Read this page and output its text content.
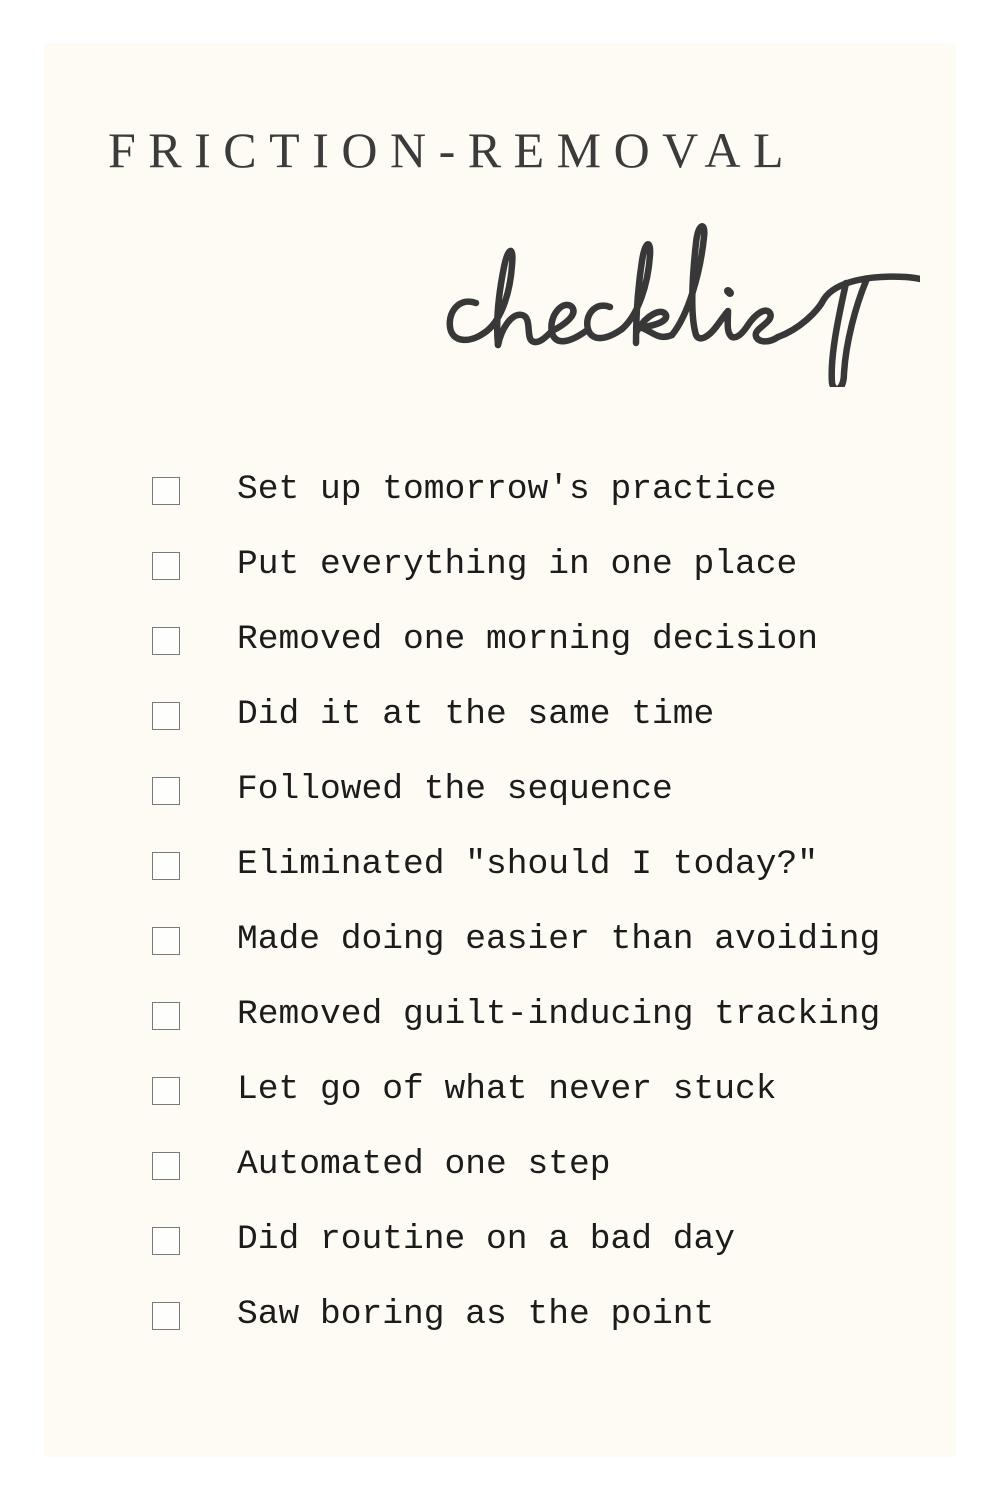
FRICTION-REMOVAL
Set up tomorrow's practice
Put everything in one place
Removed one morning decision
Did it at the same time
Followed the sequence
Eliminated "should I today?"
Made doing easier than avoiding
Removed guilt-inducing tracking
Let go of what never stuck
Automated one step
Did routine on a bad day
Saw boring as the point
